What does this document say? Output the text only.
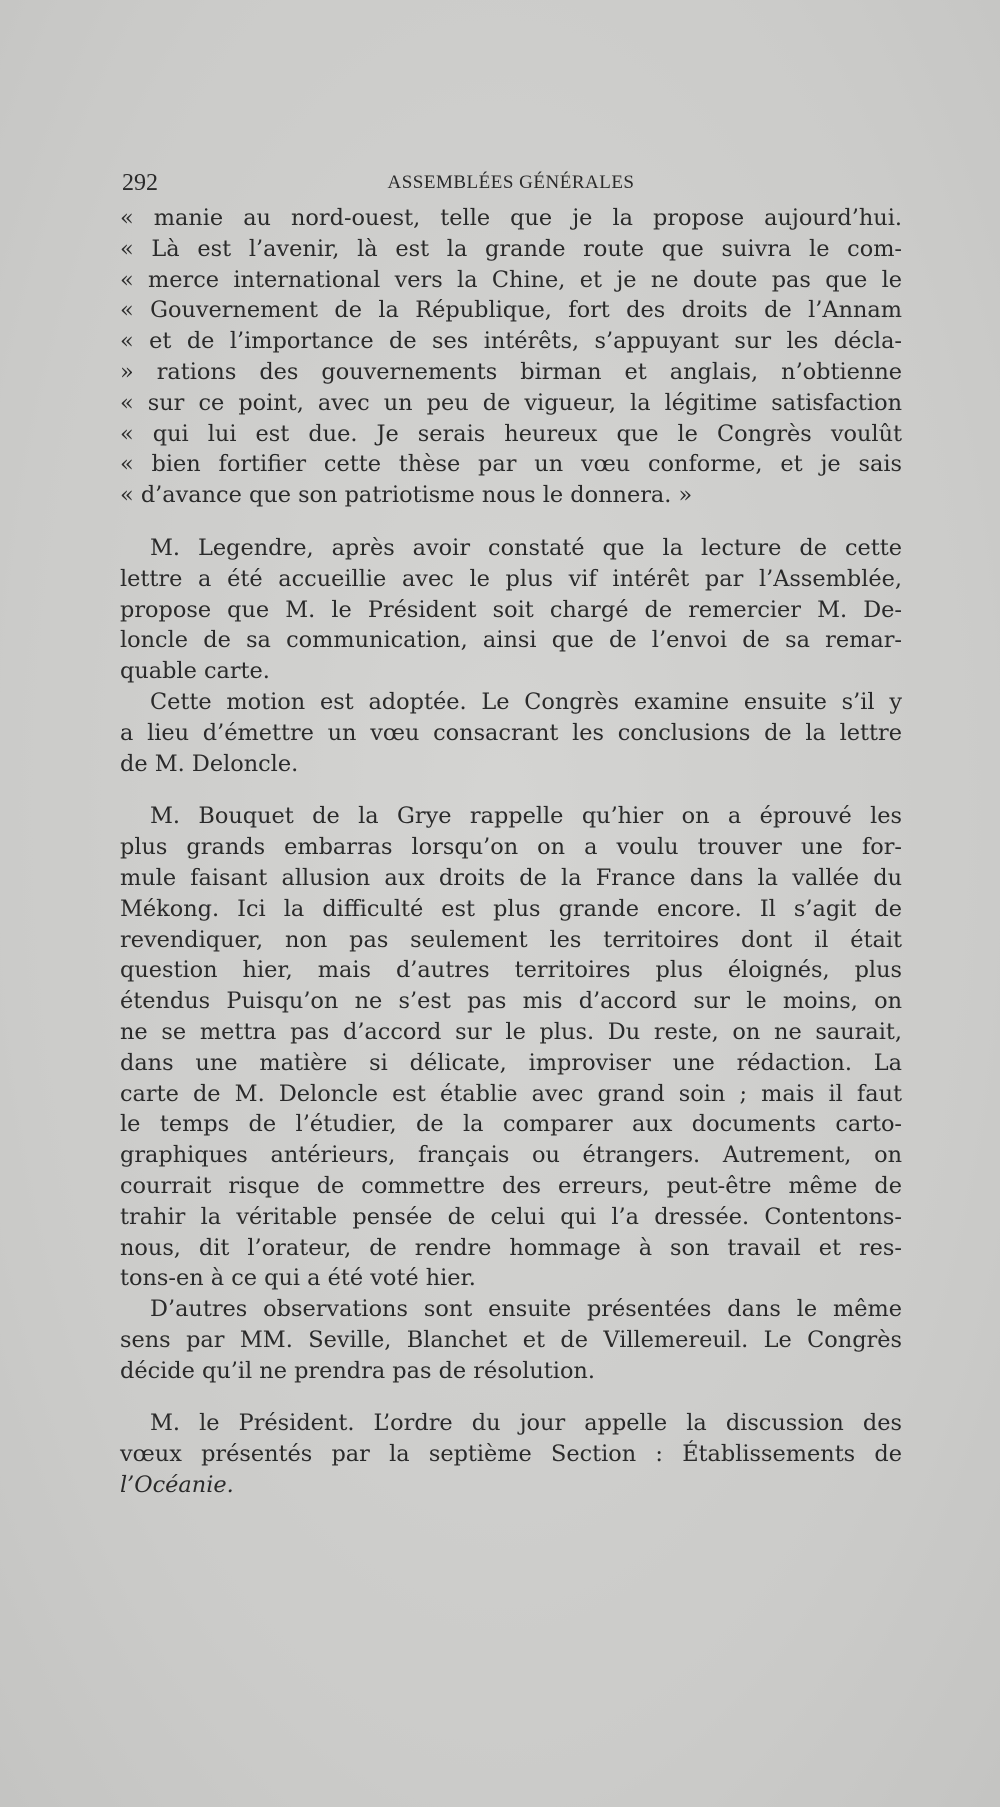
292	ASSEMBLÉES GÉNÉRALES
« manie au nord-ouest, telle que je la propose aujourd’hui.
« Là est l’avenir, là est la grande route que suivra le com-
« merce international vers la Chine, et je ne doute pas que le
« Gouvernement de la République, fort des droits de l’Annam
« et de l’importance de ses intérêts, s’appuyant sur les décla-
» rations des gouvernements birman et anglais, n’obtienne
« sur ce point, avec un peu de vigueur, la légitime satisfaction
« qui lui est due. Je serais heureux que le Congrès voulût
« bien fortifier cette thèse par un vœu conforme, et je sais
« d’avance que son patriotisme nous le donnera. »
M. Legendre, après avoir constaté que la lecture de cette
lettre a été accueillie avec le plus vif intérêt par l’Assemblée,
propose que M. le Président soit chargé de remercier M. De-
loncle de sa communication, ainsi que de l’envoi de sa remar-
quable carte.
Cette motion est adoptée. Le Congrès examine ensuite s’il y
a lieu d’émettre un vœu consacrant les conclusions de la lettre
de M. Deloncle.
M. Bouquet de la Grye rappelle qu’hier on a éprouvé les
plus grands embarras lorsqu’on on a voulu trouver une for-
mule faisant allusion aux droits de la France dans la vallée du
Mékong. Ici la difficulté est plus grande encore. Il s’agit de
revendiquer, non pas seulement les territoires dont il était
question hier, mais d’autres territoires plus éloignés, plus
étendus Puisqu’on ne s’est pas mis d’accord sur le moins, on
ne se mettra pas d’accord sur le plus. Du reste, on ne saurait,
dans une matière si délicate, improviser une rédaction. La
carte de M. Deloncle est établie avec grand soin ; mais il faut
le temps de l’étudier, de la comparer aux documents carto-
graphiques antérieurs, français ou étrangers. Autrement, on
courrait risque de commettre des erreurs, peut-être même de
trahir la véritable pensée de celui qui l’a dressée. Contentons-
nous, dit l’orateur, de rendre hommage à son travail et res-
tons-en à ce qui a été voté hier.
D’autres observations sont ensuite présentées dans le même
sens par MM. Seville, Blanchet et de Villemereuil. Le Congrès
décide qu’il ne prendra pas de résolution.
M. le Président. L’ordre du jour appelle la discussion des
vœux présentés par la septième Section : Établissements de
l’Océanie.
